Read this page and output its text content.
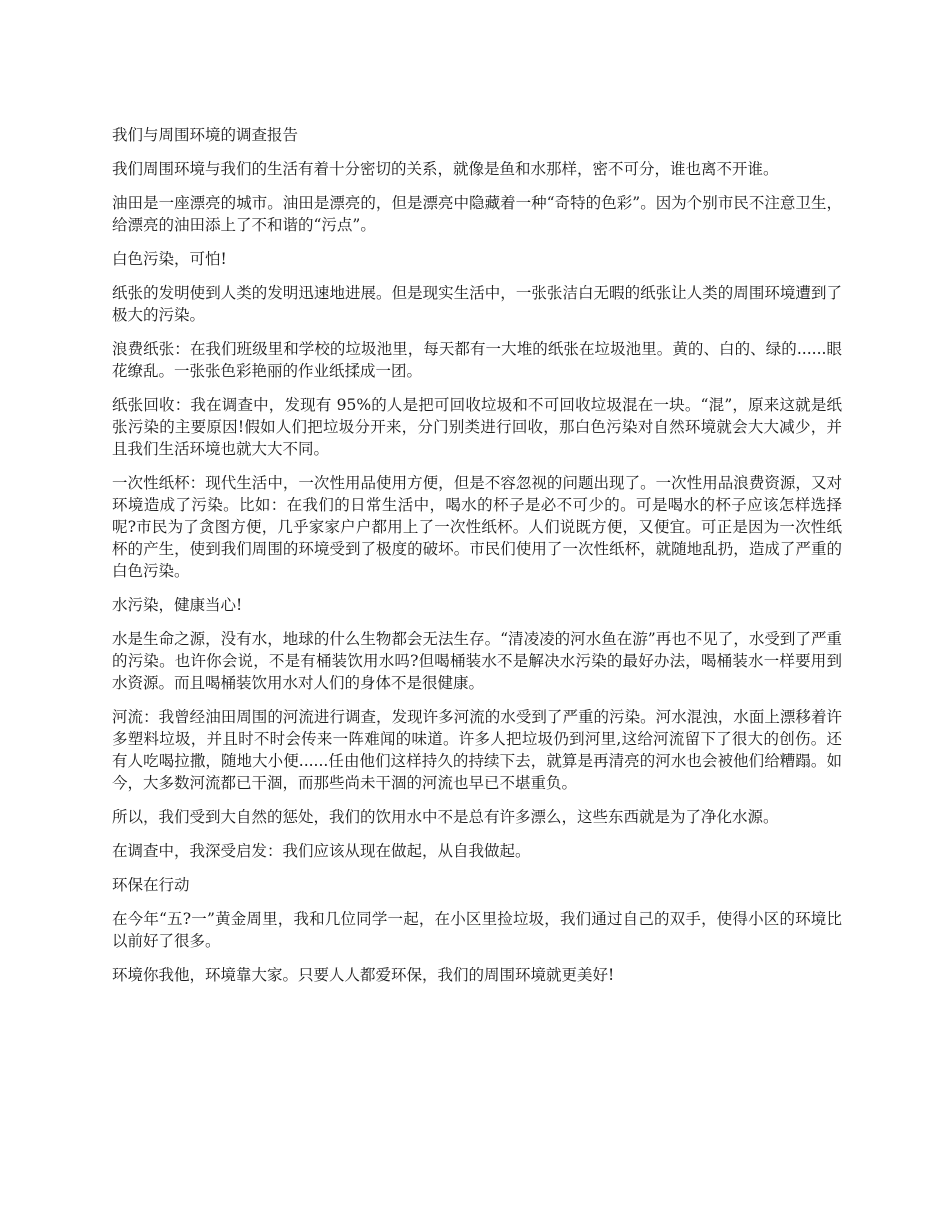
我们与周围环境的调查报告

我们周围环境与我们的生活有着十分密切的关系，就像是鱼和水那样，密不可分，谁也离不开谁。

油田是一座漂亮的城市。油田是漂亮的，但是漂亮中隐藏着一种“奇特的色彩”。因为个别市民不注意卫生，给漂亮的油田添上了不和谐的“污点”。

白色污染，可怕!

纸张的发明使到人类的发明迅速地进展。但是现实生活中，一张张洁白无暇的纸张让人类的周围环境遭到了极大的污染。

浪费纸张：在我们班级里和学校的垃圾池里，每天都有一大堆的纸张在垃圾池里。黄的、白的、绿的......眼花缭乱。一张张色彩艳丽的作业纸揉成一团。

纸张回收：我在调查中，发现有 95%的人是把可回收垃圾和不可回收垃圾混在一块。“混”，原来这就是纸张污染的主要原因!假如人们把垃圾分开来，分门别类进行回收，那白色污染对自然环境就会大大减少，并且我们生活环境也就大大不同。

一次性纸杯：现代生活中，一次性用品使用方便，但是不容忽视的问题出现了。一次性用品浪费资源，又对环境造成了污染。比如：在我们的日常生活中，喝水的杯子是必不可少的。可是喝水的杯子应该怎样选择呢?市民为了贪图方便，几乎家家户户都用上了一次性纸杯。人们说既方便，又便宜。可正是因为一次性纸杯的产生，使到我们周围的环境受到了极度的破坏。市民们使用了一次性纸杯，就随地乱扔，造成了严重的白色污染。

水污染，健康当心!

水是生命之源，没有水，地球的什么生物都会无法生存。“清凌凌的河水鱼在游”再也不见了，水受到了严重的污染。也许你会说，不是有桶装饮用水吗?但喝桶装水不是解决水污染的最好办法，喝桶装水一样要用到水资源。而且喝桶装饮用水对人们的身体不是很健康。

河流：我曾经油田周围的河流进行调查，发现许多河流的水受到了严重的污染。河水混浊，水面上漂移着许多塑料垃圾，并且时不时会传来一阵难闻的味道。许多人把垃圾仍到河里,这给河流留下了很大的创伤。还有人吃喝拉撒，随地大小便......任由他们这样持久的持续下去，就算是再清亮的河水也会被他们给糟蹋。如今，大多数河流都已干涸，而那些尚未干涸的河流也早已不堪重负。

所以，我们受到大自然的惩处，我们的饮用水中不是总有许多漂么，这些东西就是为了净化水源。

在调查中，我深受启发：我们应该从现在做起，从自我做起。

环保在行动

在今年“五?一”黄金周里，我和几位同学一起，在小区里捡垃圾，我们通过自己的双手，使得小区的环境比以前好了很多。

环境你我他，环境靠大家。只要人人都爱环保，我们的周围环境就更美好!
